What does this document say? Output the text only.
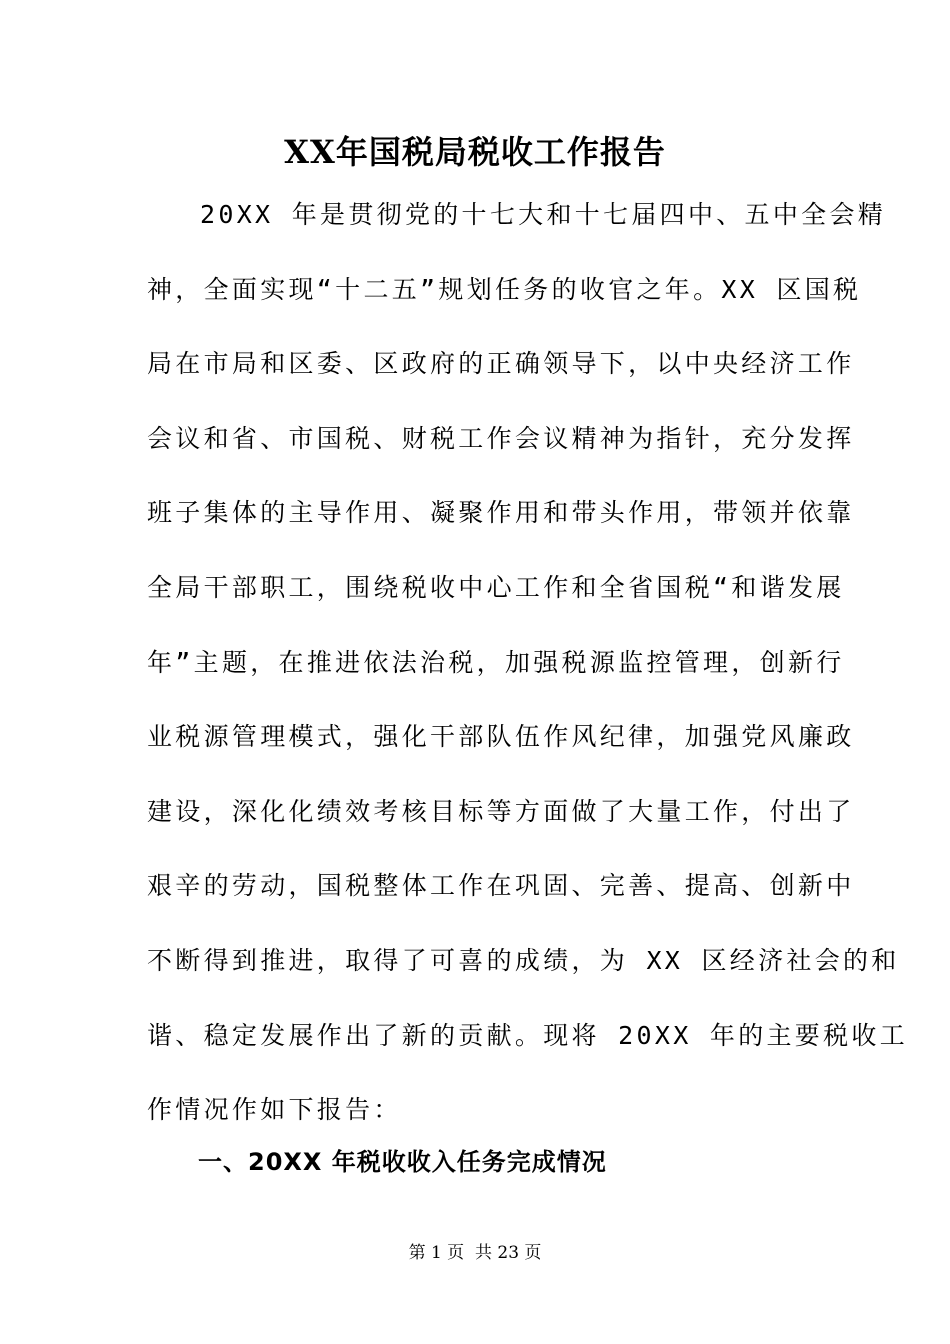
XX年国税局税收工作报告
20XX 年是贯彻党的十七大和十七届四中、五中全会精
神，全面实现“十二五”规划任务的收官之年。XX 区国税
局在市局和区委、区政府的正确领导下，以中央经济工作
会议和省、市国税、财税工作会议精神为指针，充分发挥
班子集体的主导作用、凝聚作用和带头作用，带领并依靠
全局干部职工，围绕税收中心工作和全省国税“和谐发展
年”主题，在推进依法治税，加强税源监控管理，创新行
业税源管理模式，强化干部队伍作风纪律，加强党风廉政
建设，深化化绩效考核目标等方面做了大量工作，付出了
艰辛的劳动，国税整体工作在巩固、完善、提高、创新中
不断得到推进，取得了可喜的成绩，为 XX 区经济社会的和
谐、稳定发展作出了新的贡献。现将 20XX 年的主要税收工
作情况作如下报告：
一、20XX 年税收收入任务完成情况
第 1 页  共 23 页
